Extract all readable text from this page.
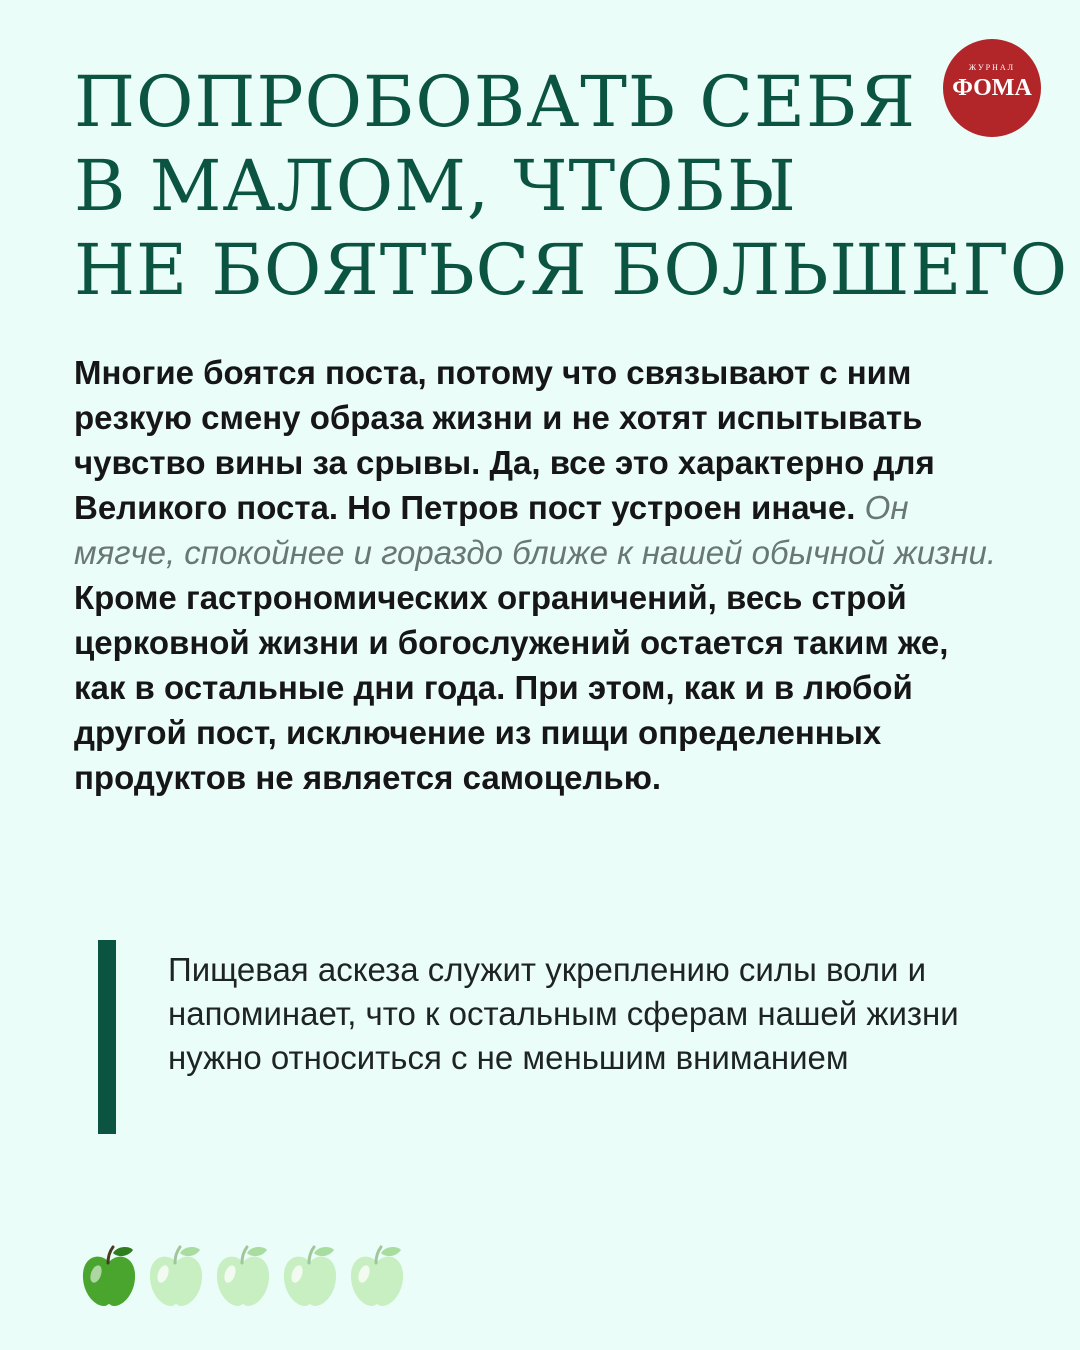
ПОПРОБОВАТЬ СЕБЯ
В МАЛОМ, ЧТОБЫ
НЕ БОЯТЬСЯ БОЛЬШЕГО
ЖУРНАЛ
ФОМА

Многие боятся поста, потому что связывают с ним резкую смену образа жизни и не хотят испытывать чувство вины за срывы. Да, все это характерно для Великого поста. Но Петров пост устроен иначе. Он мягче, спокойнее и гораздо ближе к нашей обычной жизни. Кроме гастрономических ограничений, весь строй церковной жизни и богослужений остается таким же, как в остальные дни года. При этом, как и в любой другой пост, исключение из пищи определенных продуктов не является самоцелью.

Пищевая аскеза служит укреплению силы воли и напоминает, что к остальным сферам нашей жизни нужно относиться с не меньшим вниманием
